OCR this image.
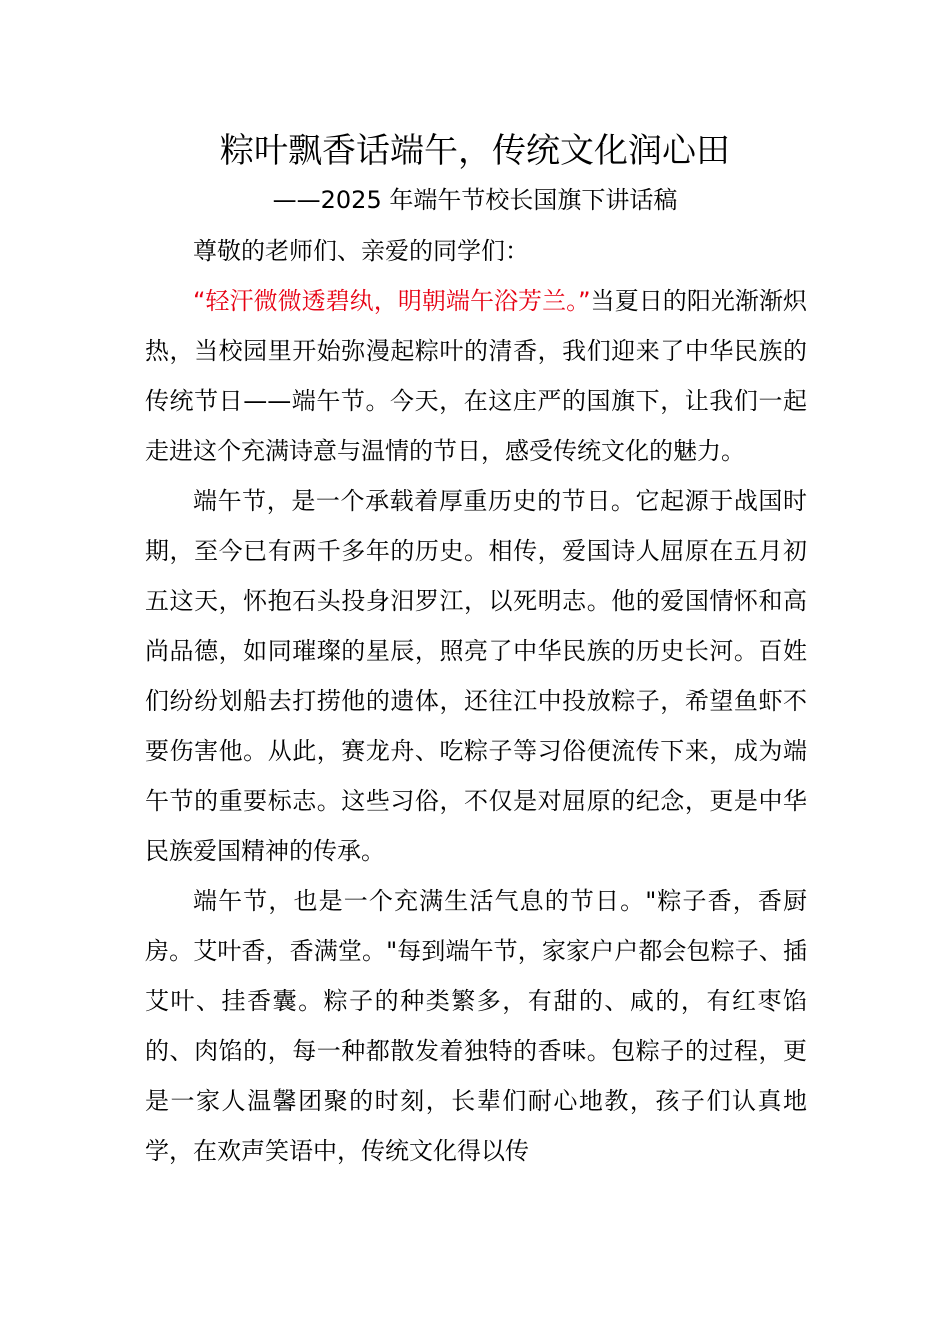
粽叶飘香话端午，传统文化润心田
——2025 年端午节校长国旗下讲话稿

尊敬的老师们、亲爱的同学们：

“轻汗微微透碧纨，明朝端午浴芳兰。”当夏日的阳光渐渐炽热，当校园里开始弥漫起粽叶的清香，我们迎来了中华民族的传统节日——端午节。今天，在这庄严的国旗下，让我们一起走进这个充满诗意与温情的节日，感受传统文化的魅力。

端午节，是一个承载着厚重历史的节日。它起源于战国时期，至今已有两千多年的历史。相传，爱国诗人屈原在五月初五这天，怀抱石头投身汨罗江，以死明志。他的爱国情怀和高尚品德，如同璀璨的星辰，照亮了中华民族的历史长河。百姓们纷纷划船去打捞他的遗体，还往江中投放粽子，希望鱼虾不要伤害他。从此，赛龙舟、吃粽子等习俗便流传下来，成为端午节的重要标志。这些习俗，不仅是对屈原的纪念，更是中华民族爱国精神的传承。

端午节，也是一个充满生活气息的节日。"粽子香，香厨房。艾叶香，香满堂。"每到端午节，家家户户都会包粽子、插艾叶、挂香囊。粽子的种类繁多，有甜的、咸的，有红枣馅的、肉馅的，每一种都散发着独特的香味。包粽子的过程，更是一家人温馨团聚的时刻，长辈们耐心地教，孩子们认真地学，在欢声笑语中，传统文化得以传
